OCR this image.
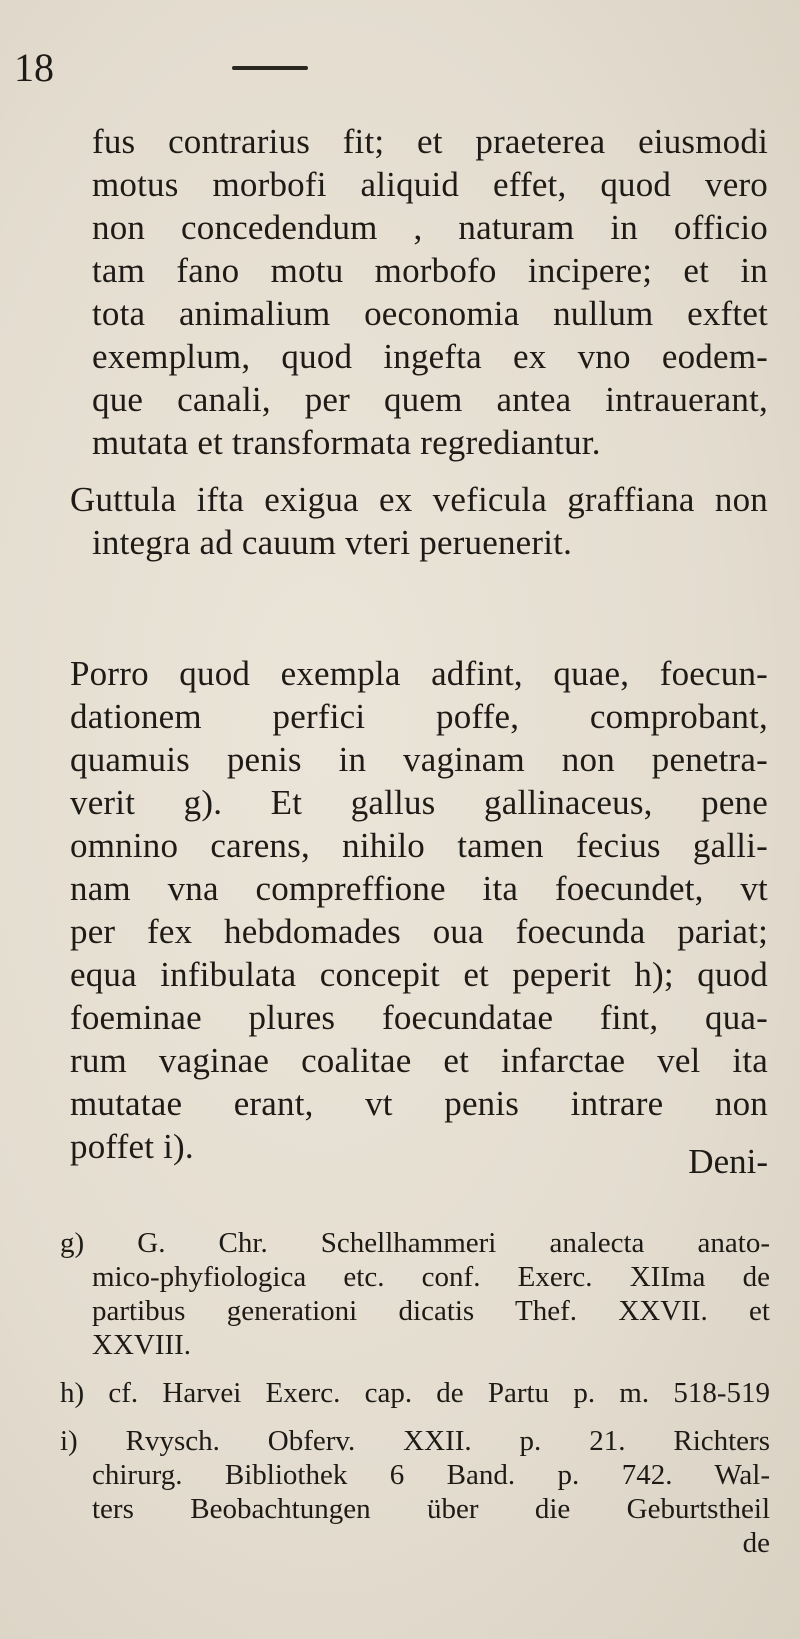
18
fus contrarius fit; et praeterea eiusmodi
motus morbofi aliquid effet, quod vero
non concedendum , naturam in officio
tam fano motu morbofo incipere; et in
tota animalium oeconomia nullum exftet
exemplum, quod ingefta ex vno eodem-
que canali, per quem antea intrauerant,
mutata et transformata regrediantur.
Guttula ifta exigua ex veficula graffiana non
integra ad cauum vteri peruenerit.
Porro quod exempla adfint, quae, foecun-
dationem perfici poffe, comprobant,
quamuis penis in vaginam non penetra-
verit g). Et gallus gallinaceus, pene
omnino carens, nihilo tamen fecius galli-
nam vna compreffione ita foecundet, vt
per fex hebdomades oua foecunda pariat;
equa infibulata concepit et peperit h); quod
foeminae plures foecundatae fint, qua-
rum vaginae coalitae et infarctae vel ita
mutatae erant, vt penis intrare non
poffet i).	Deni-
g) G. Chr. Schellhammeri analecta anato-
mico-phyfiologica etc. conf. Exerc. XIIma de
partibus generationi dicatis Thef. XXVII. et
XXVIII.
h) cf. Harvei Exerc. cap. de Partu p. m. 518-519
i) Rvysch. Obferv. XXII. p. 21. Richters
chirurg. Bibliothek 6 Band. p. 742. Wal-
ters Beobachtungen über die Geburtstheil
de
